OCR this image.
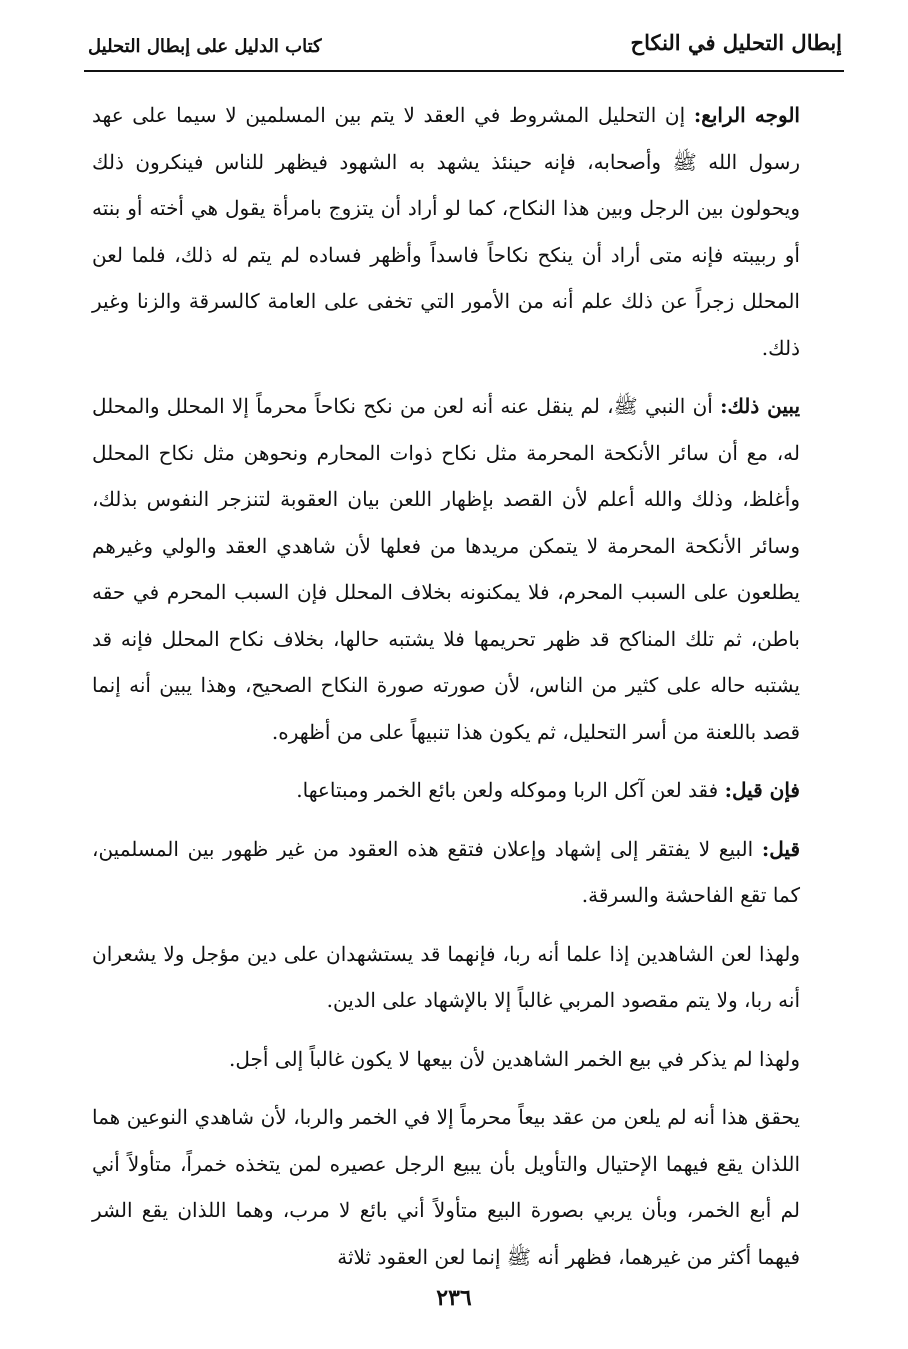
إبطال التحليل في النكاح
كتاب الدليل على إبطال التحليل

الوجه الرابع: إن التحليل المشروط في العقد لا يتم بين المسلمين لا سيما على عهد رسول الله ﷺ وأصحابه، فإنه حينئذ يشهد به الشهود فيظهر للناس فينكرون ذلك ويحولون بين الرجل وبين هذا النكاح، كما لو أراد أن يتزوج بامرأة يقول هي أخته أو بنته أو ربيبته فإنه متى أراد أن ينكح نكاحاً فاسداً وأظهر فساده لم يتم له ذلك، فلما لعن المحلل زجراً عن ذلك علم أنه من الأمور التي تخفى على العامة كالسرقة والزنا وغير ذلك.

يبين ذلك: أن النبي ﷺ، لم ينقل عنه أنه لعن من نكح نكاحاً محرماً إلا المحلل والمحلل له، مع أن سائر الأنكحة المحرمة مثل نكاح ذوات المحارم ونحوهن مثل نكاح المحلل وأغلظ، وذلك والله أعلم لأن القصد بإظهار اللعن بيان العقوبة لتنزجر النفوس بذلك، وسائر الأنكحة المحرمة لا يتمكن مريدها من فعلها لأن شاهدي العقد والولي وغيرهم يطلعون على السبب المحرم، فلا يمكنونه بخلاف المحلل فإن السبب المحرم في حقه باطن، ثم تلك المناكح قد ظهر تحريمها فلا يشتبه حالها، بخلاف نكاح المحلل فإنه قد يشتبه حاله على كثير من الناس، لأن صورته صورة النكاح الصحيح، وهذا يبين أنه إنما قصد باللعنة من أسر التحليل، ثم يكون هذا تنبيهاً على من أظهره.

فإن قيل: فقد لعن آكل الربا وموكله ولعن بائع الخمر ومبتاعها.

قيل: البيع لا يفتقر إلى إشهاد وإعلان فتقع هذه العقود من غير ظهور بين المسلمين، كما تقع الفاحشة والسرقة.

ولهذا لعن الشاهدين إذا علما أنه ربا، فإنهما قد يستشهدان على دين مؤجل ولا يشعران أنه ربا، ولا يتم مقصود المربي غالباً إلا بالإشهاد على الدين.

ولهذا لم يذكر في بيع الخمر الشاهدين لأن بيعها لا يكون غالباً إلى أجل.

يحقق هذا أنه لم يلعن من عقد بيعاً محرماً إلا في الخمر والربا، لأن شاهدي النوعين هما اللذان يقع فيهما الإحتيال والتأويل بأن يبيع الرجل عصيره لمن يتخذه خمراً، متأولاً أني لم أبع الخمر، وبأن يربي بصورة البيع متأولاً أني بائع لا مرب، وهما اللذان يقع الشر فيهما أكثر من غيرهما، فظهر أنه ﷺ إنما لعن العقود ثلاثة

٢٣٦
